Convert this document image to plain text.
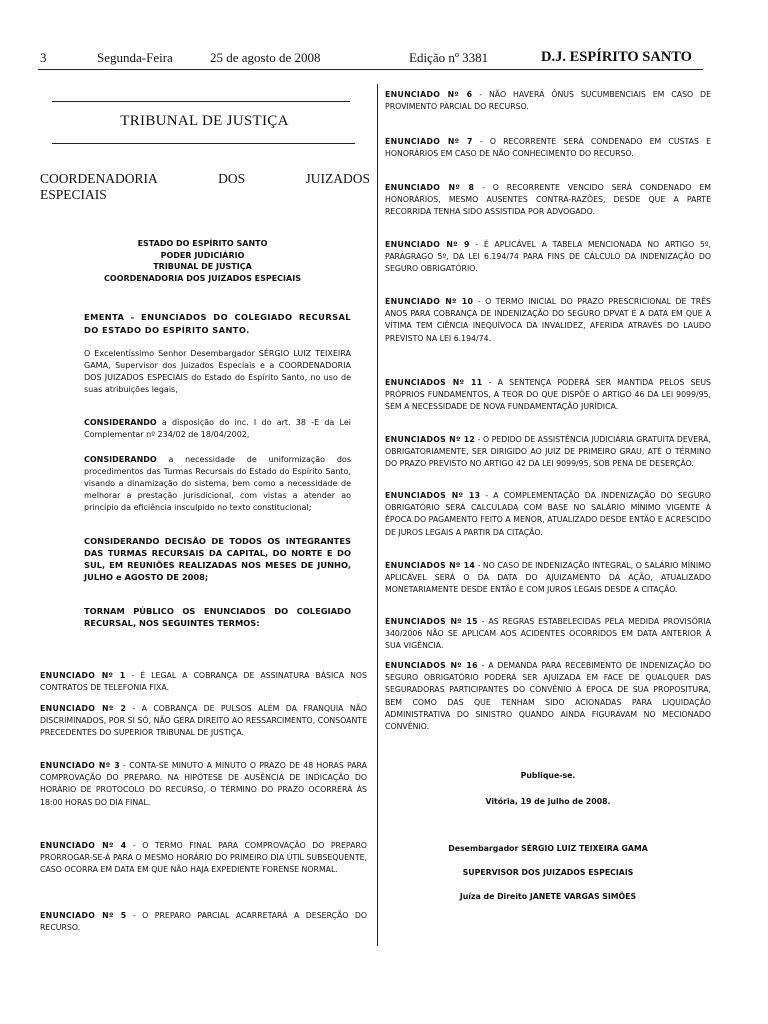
3	Segunda-Feira	25 de agosto de 2008	Edição nº 3381	D.J. ESPÍRITO SANTO
TRIBUNAL DE JUSTIÇA
COORDENADORIA	DOS	JUIZADOS
ESPECIAIS
ESTADO DO ESPÍRITO SANTO
PODER JUDICIÁRIO
TRIBUNAL DE JUSTIÇA
COORDENADORIA DOS JUIZADOS ESPECIAIS
EMENTA - ENUNCIADOS DO COLEGIADO RECURSAL DO ESTADO DO ESPÍRITO SANTO.
O Excelentíssimo Senhor Desembargador SÉRGIO LUIZ TEIXEIRA GAMA, Supervisor dos Juizados Especiais e a COORDENADORIA DOS JUIZADOS ESPECIAIS do Estado do Espírito Santo, no uso de suas atribuições legais,
CONSIDERANDO a disposição do inc. I do art. 38 -E da Lei Complementar nº 234/02 de 18/04/2002,
CONSIDERANDO a necessidade de uniformização dos procedimentos das Turmas Recursais do Estado do Espírito Santo, visando a dinamização do sistema, bem como a necessidade de melhorar a prestação jurisdicional, com vistas a atender ao princípio da eficiência insculpido no texto constitucional;
CONSIDERANDO DECISÃO DE TODOS OS INTEGRANTES DAS TURMAS RECURSAIS DA CAPITAL, DO NORTE E DO SUL, EM REUNIÕES REALIZADAS NOS MESES DE JUNHO, JULHO e AGOSTO DE 2008;
TORNAM PÚBLICO OS ENUNCIADOS DO COLEGIADO RECURSAL, NOS SEGUINTES TERMOS:
ENUNCIADO Nº 1 - É LEGAL A COBRANÇA DE ASSINATURA BÁSICA NOS CONTRATOS DE TELEFONIA FIXA.
ENUNCIADO Nº 2 - A COBRANÇA DE PULSOS ALÉM DA FRANQUIA NÃO DISCRIMINADOS, POR SI SÓ, NÃO GERA DIREITO AO RESSARCIMENTO, CONSOANTE PRECEDENTES DO SUPERIOR TRIBUNAL DE JUSTIÇA.
ENUNCIADO Nº 3 - CONTA-SE MINUTO A MINUTO O PRAZO DE 48 HORAS PARA COMPROVAÇÃO DO PREPARO. NA HIPÓTESE DE AUSÊNCIA DE INDICAÇÃO DO HORÁRIO DE PROTOCOLO DO RECURSO, O TÉRMINO DO PRAZO OCORRERÁ ÀS 18:00 HORAS DO DIA FINAL.
ENUNCIADO Nº 4 - O TERMO FINAL PARA COMPROVAÇÃO DO PREPARO PRORROGAR-SE-Á PARA O MESMO HORÁRIO DO PRIMEIRO DIA ÚTIL SUBSEQUENTE, CASO OCORRA EM DATA EM QUE NÃO HAJA EXPEDIENTE FORENSE NORMAL.
ENUNCIADO Nº 5 - O PREPARO PARCIAL ACARRETARÁ A DESERÇÃO DO RECURSO.
ENUNCIADO Nº 6 - NÃO HAVERÁ ÔNUS SUCUMBENCIAIS EM CASO DE PROVIMENTO PARCIAL DO RECURSO.
ENUNCIADO Nº 7 - O RECORRENTE SERÁ CONDENADO EM CUSTAS E HONORÁRIOS EM CASO DE NÃO CONHECIMENTO DO RECURSO.
ENUNCIADO Nº 8 - O RECORRENTE VENCIDO SERÁ CONDENADO EM HONORÁRIOS, MESMO AUSENTES CONTRA-RAZÕES, DESDE QUE A PARTE RECORRIDA TENHA SIDO ASSISTIDA POR ADVOGADO.
ENUNCIADO Nº 9 - É APLICÁVEL A TABELA MENCIONADA NO ARTIGO 5º, PARÁGRAGO 5º, DA LEI 6.194/74 PARA FINS DE CÁLCULO DA INDENIZAÇÃO DO SEGURO OBRIGATÓRIO.
ENUNCIADO Nº 10 - O TERMO INICIAL DO PRAZO PRESCRICIONAL DE TRÊS ANOS PARA COBRANÇA DE INDENIZAÇÃO DO SEGURO DPVAT É A DATA EM QUE A VÍTIMA TEM CIÊNCIA INEQUÍVOCA DA INVALIDEZ, AFERIDA ATRAVÉS DO LAUDO PREVISTO NA LEI 6.194/74.
ENUNCIADOS Nº 11 - A SENTENÇA PODERÁ SER MANTIDA PELOS SEUS PRÓPRIOS FUNDAMENTOS, A TEOR DO QUE DISPÕE O ARTIGO 46 DA LEI 9099/95, SEM A NECESSIDADE DE NOVA FUNDAMENTAÇÃO JURÍDICA.
ENUNCIADOS Nº 12 - O PEDIDO DE ASSISTÊNCIA JUDICIÁRIA GRATUITA DEVERÁ, OBRIGATORIAMENTE, SER DIRIGIDO AO JUIZ DE PRIMEIRO GRAU, ATÉ O TÉRMINO DO PRAZO PREVISTO NO ARTIGO 42 DA LEI 9099/95, SOB PENA DE DESERÇÃO.
ENUNCIADOS Nº 13 - A COMPLEMENTAÇÃO DA INDENIZAÇÃO DO SEGURO OBRIGATÓRIO SERÁ CALCULADA COM BASE NO SALÁRIO MÍNIMO VIGENTE À ÉPOCA DO PAGAMENTO FEITO A MENOR, ATUALIZADO DESDE ENTÃO E ACRESCIDO DE JUROS LEGAIS A PARTIR DA CITAÇÃO.
ENUNCIADOS Nº 14 - NO CASO DE INDENIZAÇÃO INTEGRAL, O SALÁRIO MÍNIMO APLICÁVEL SERÁ O DA DATA DO AJUIZAMENTO DA AÇÃO, ATUALIZADO MONETARIAMENTE DESDE ENTÃO E COM JUROS LEGAIS DESDE A CITAÇÃO.
ENUNCIADOS Nº 15 - AS REGRAS ESTABELECIDAS PELA MEDIDA PROVISÓRIA 340/2006 NÃO SE APLICAM AOS ACIDENTES OCORRIDOS EM DATA ANTERIOR À SUA VIGÊNCIA.
ENUNCIADOS Nº 16 - A DEMANDA PARA RECEBIMENTO DE INDENIZAÇÃO DO SEGURO OBRIGATÓRIO PODERÁ SER AJUIZADA EM FACE DE QUALQUER DAS SEGURADORAS PARTICIPANTES DO CONVÊNIO À ÉPOCA DE SUA PROPOSITURA, BEM COMO DAS QUE TENHAM SIDO ACIONADAS PARA LIQUIDAÇÃO ADMINISTRATIVA DO SINISTRO QUANDO AINDA FIGURAVAM NO MECIONADO CONVÊNIO.
Publique-se.
Vitória, 19 de julho de 2008.
Desembargador SÉRGIO LUIZ TEIXEIRA GAMA
SUPERVISOR DOS JUIZADOS ESPECIAIS
Juíza de Direito JANETE VARGAS SIMÕES
